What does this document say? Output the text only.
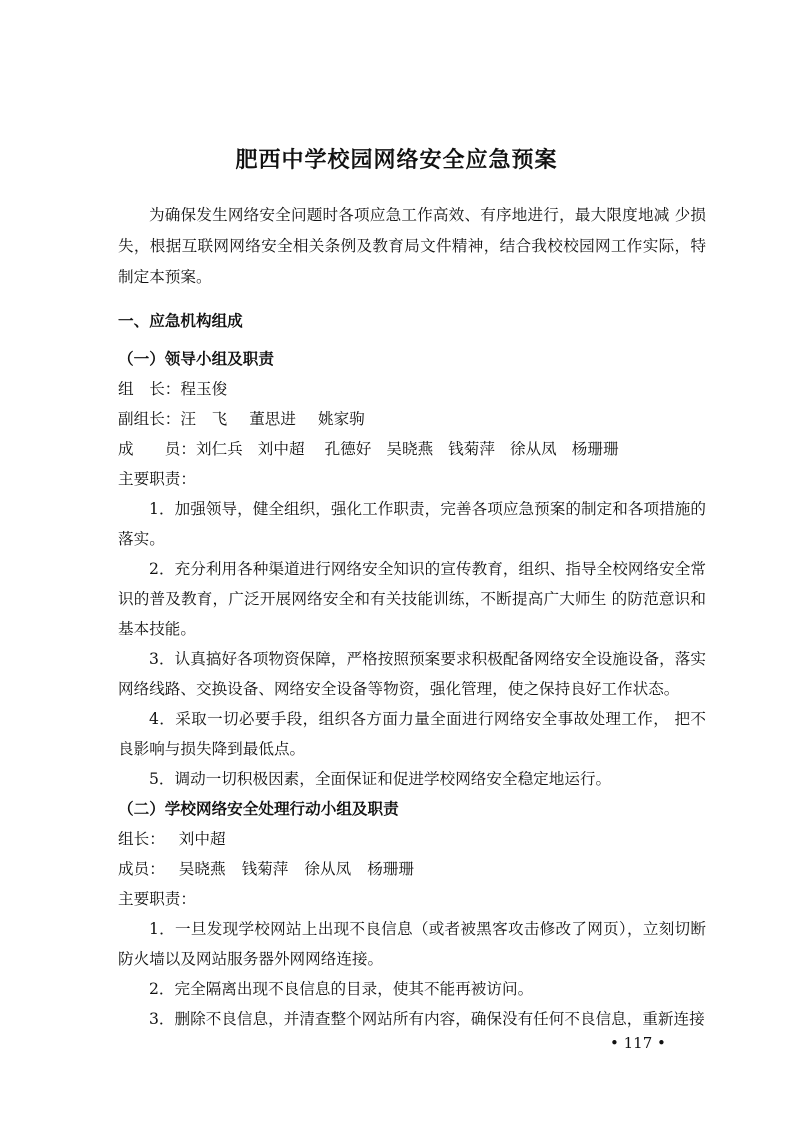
肥西中学校园网络安全应急预案

为确保发生网络安全问题时各项应急工作高效、有序地进行，最大限度地减 少损失，根据互联网网络安全相关条例及教育局文件精神，结合我校校园网工作实际，特制定本预案。

一、应急机构组成
（一）领导小组及职责

组　长：程玉俊

副组长：汪　飞 董思进 姚家驹

成　　员：刘仁兵 刘中超 孔德好 吴晓燕 钱菊萍 徐从凤 杨珊珊

主要职责：

1．加强领导，健全组织，强化工作职责，完善各项应急预案的制定和各项措施的落实。

2．充分利用各种渠道进行网络安全知识的宣传教育，组织、指导全校网络安全常识的普及教育，广泛开展网络安全和有关技能训练，不断提高广大师生 的防范意识和基本技能。

3．认真搞好各项物资保障，严格按照预案要求积极配备网络安全设施设备，落实网络线路、交换设备、网络安全设备等物资，强化管理，使之保持良好工作状态。

4．采取一切必要手段，组织各方面力量全面进行网络安全事故处理工作， 把不良影响与损失降到最低点。

5．调动一切积极因素，全面保证和促进学校网络安全稳定地运行。

（二）学校网络安全处理行动小组及职责

组长： 刘中超

成员： 吴晓燕 钱菊萍 徐从凤 杨珊珊

主要职责：

1．一旦发现学校网站上出现不良信息（或者被黑客攻击修改了网页），立刻切断防火墙以及网站服务器外网网络连接。

2．完全隔离出现不良信息的目录，使其不能再被访问。

3．删除不良信息，并清查整个网站所有内容，确保没有任何不良信息，重新连接

• 117 •
